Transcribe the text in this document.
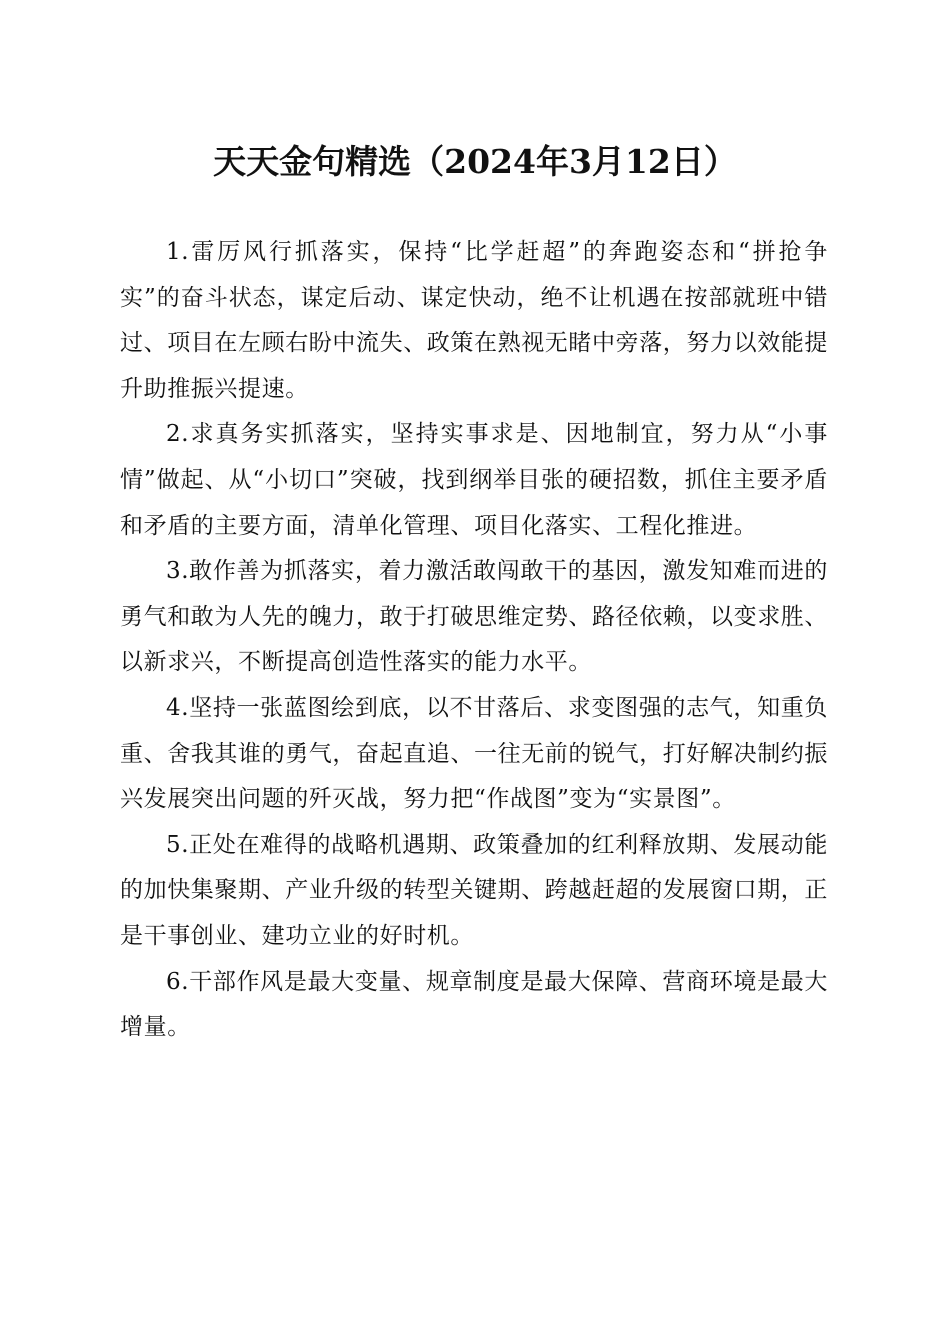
天天金句精选（2024年3月12日）

1.雷厉风行抓落实，保持“比学赶超”的奔跑姿态和“拼抢争实”的奋斗状态，谋定后动、谋定快动，绝不让机遇在按部就班中错过、项目在左顾右盼中流失、政策在熟视无睹中旁落，努力以效能提升助推振兴提速。

2.求真务实抓落实，坚持实事求是、因地制宜，努力从“小事情”做起、从“小切口”突破，找到纲举目张的硬招数，抓住主要矛盾和矛盾的主要方面，清单化管理、项目化落实、工程化推进。

3.敢作善为抓落实，着力激活敢闯敢干的基因，激发知难而进的勇气和敢为人先的魄力，敢于打破思维定势、路径依赖，以变求胜、以新求兴，不断提高创造性落实的能力水平。

4.坚持一张蓝图绘到底，以不甘落后、求变图强的志气，知重负重、舍我其谁的勇气，奋起直追、一往无前的锐气，打好解决制约振兴发展突出问题的歼灭战，努力把“作战图”变为“实景图”。

5.正处在难得的战略机遇期、政策叠加的红利释放期、发展动能的加快集聚期、产业升级的转型关键期、跨越赶超的发展窗口期，正是干事创业、建功立业的好时机。

6.干部作风是最大变量、规章制度是最大保障、营商环境是最大增量。
